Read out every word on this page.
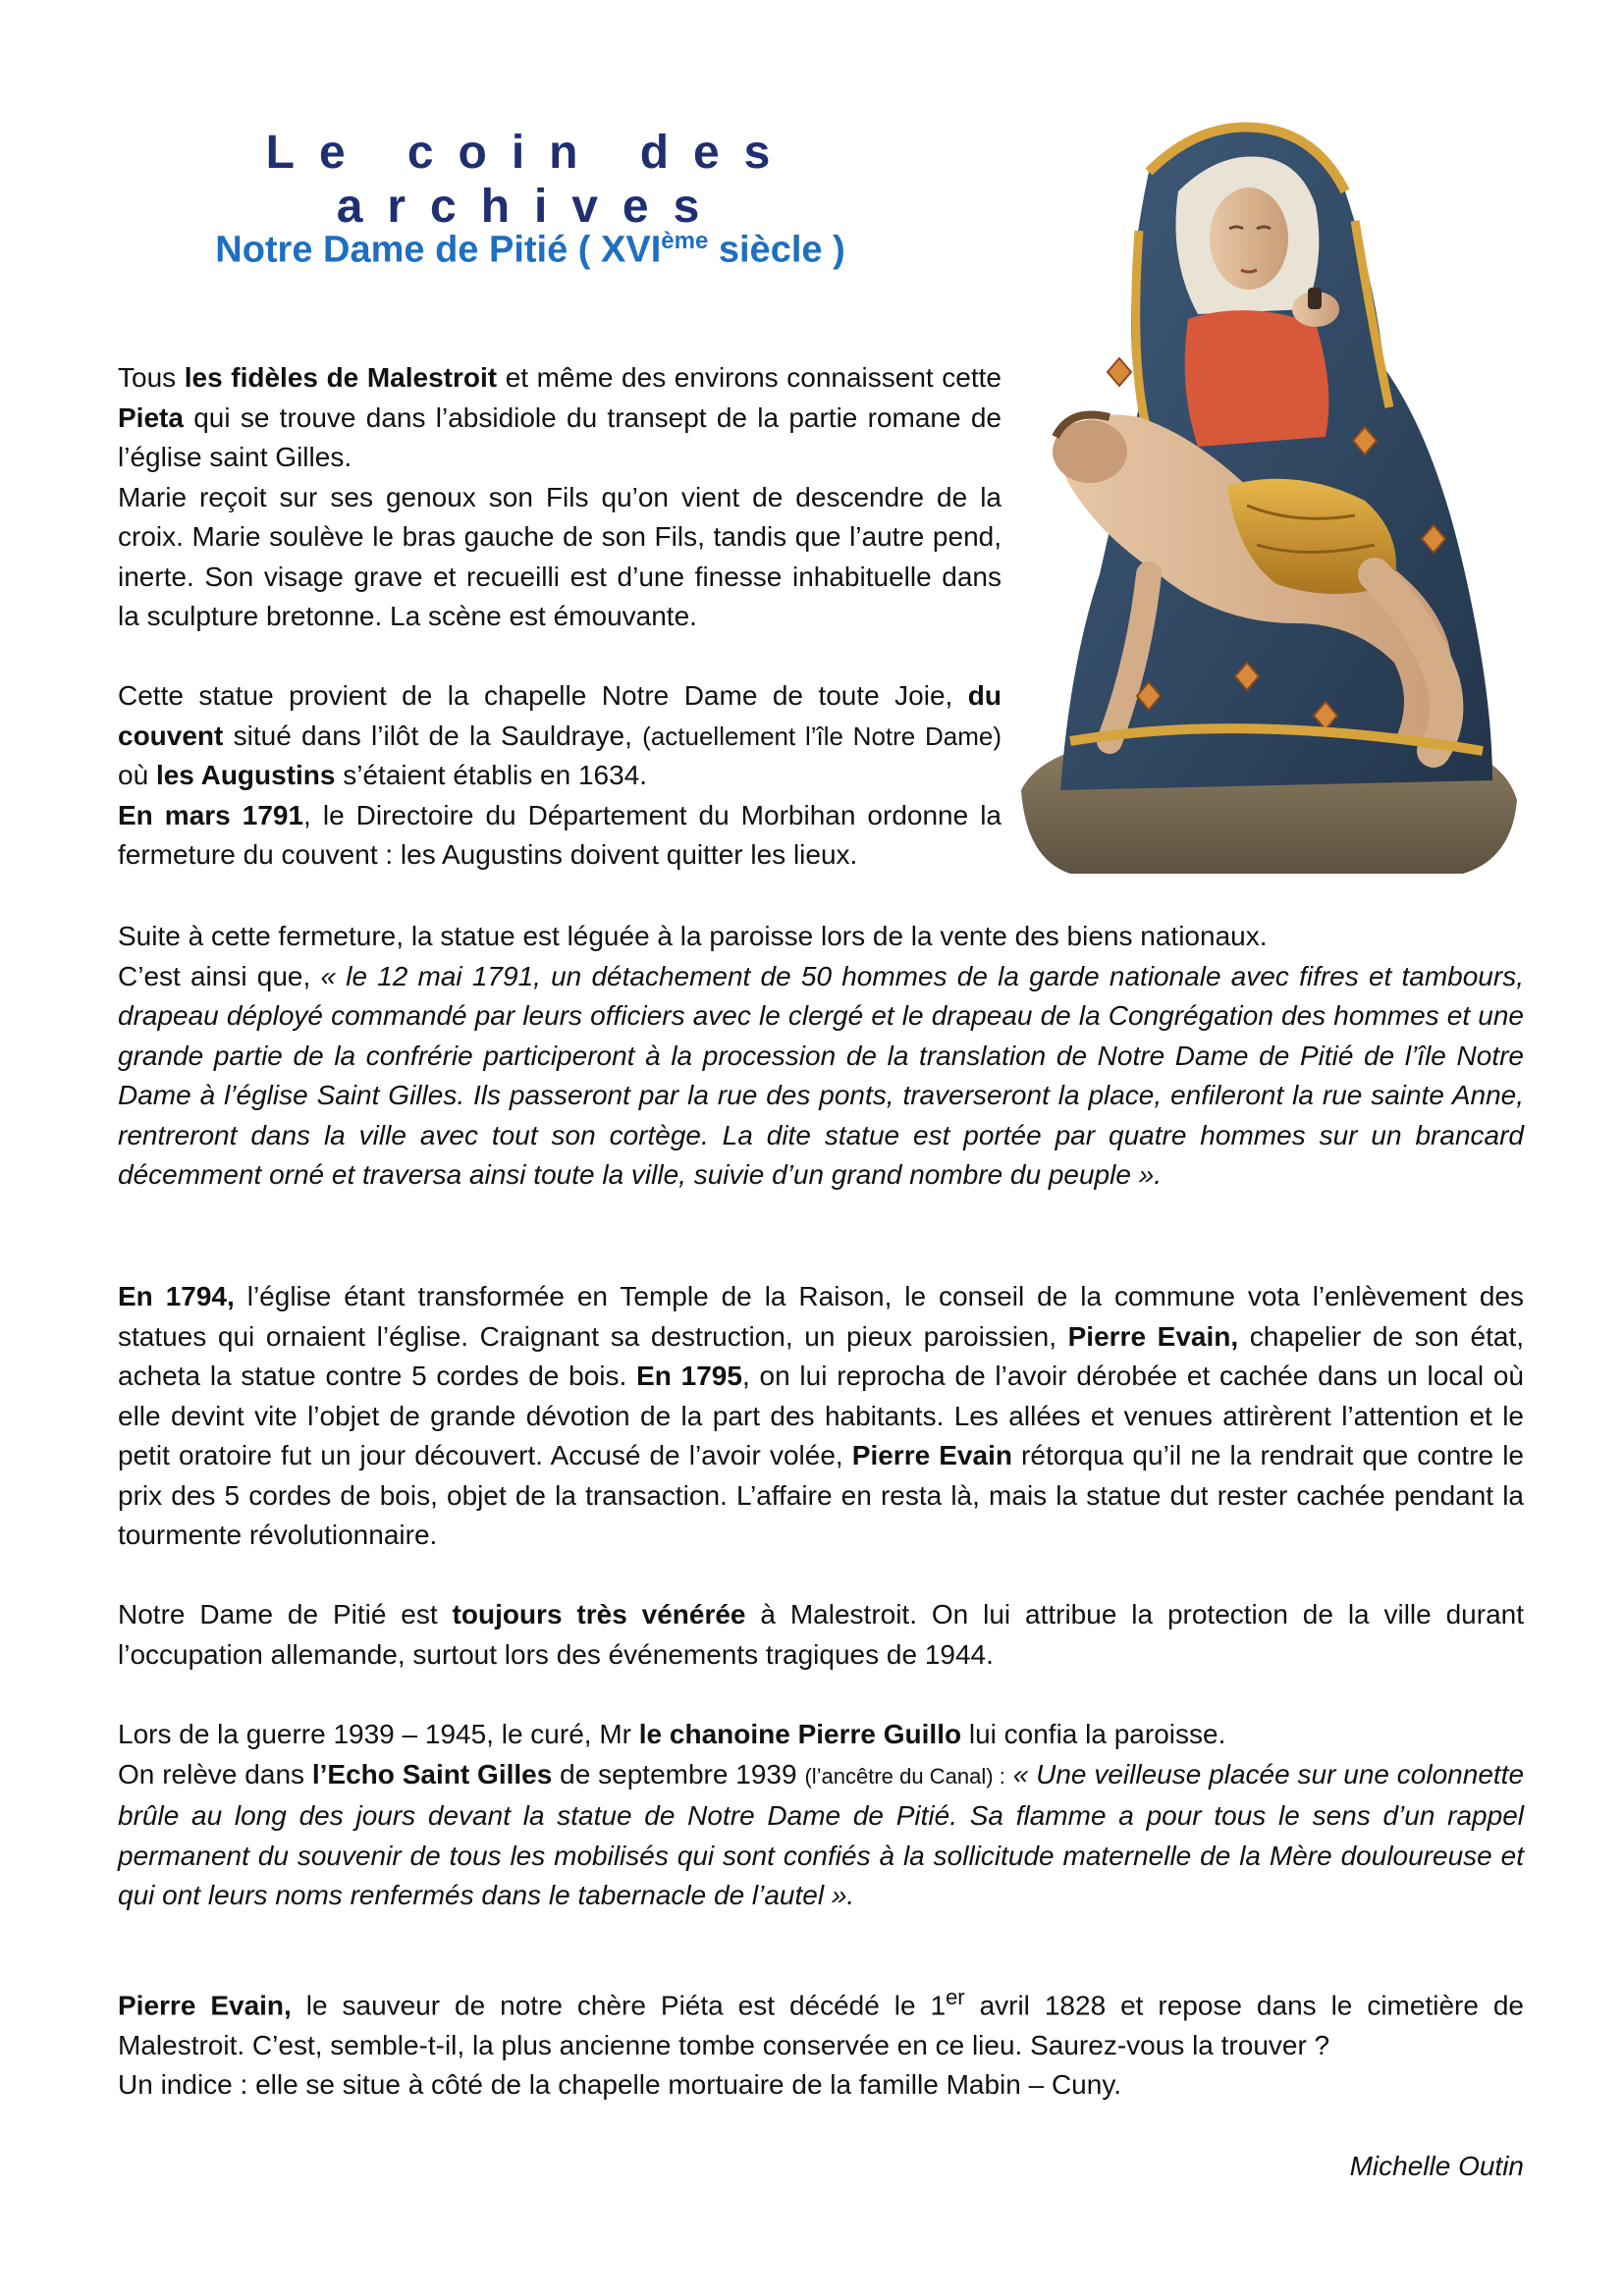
Le coin des archives
Notre Dame de Pitié ( XVIème siècle )

Tous les fidèles de Malestroit et même des environs connaissent cette Pieta qui se trouve dans l’absidiole du transept de la partie romane de l’église saint Gilles.

Marie reçoit sur ses genoux son Fils qu’on vient de descendre de la croix. Marie soulève le bras gauche de son Fils, tandis que l’autre pend, inerte. Son visage grave et recueilli est d’une finesse inhabituelle dans la sculpture bretonne. La scène est émouvante.

Cette statue provient de la chapelle Notre Dame de toute Joie, du couvent situé dans l’ilôt de la Sauldraye, (actuellement l’île Notre Dame) où les Augustins s’étaient établis en 1634.

En mars 1791, le Directoire du Département du Morbihan ordonne la fermeture du couvent : les Augustins doivent quitter les lieux.

Suite à cette fermeture, la statue est léguée à la paroisse lors de la vente des biens nationaux.

C’est ainsi que, « le 12 mai 1791, un détachement de 50 hommes de la garde nationale avec fifres et tambours, drapeau déployé commandé par leurs officiers avec le clergé et le drapeau de la Congrégation des hommes et une grande partie de la confrérie participeront à la procession de la translation de Notre Dame de Pitié de l’île Notre Dame à l’église Saint Gilles. Ils passeront par la rue des ponts, traverseront la place, enfileront la rue sainte Anne, rentreront dans la ville avec tout son cortège. La dite statue est portée par quatre hommes sur un brancard décemment orné et traversa ainsi toute la ville, suivie d’un grand nombre du peuple ».

En 1794, l’église étant transformée en Temple de la Raison, le conseil de la commune vota l’enlèvement des statues qui ornaient l’église. Craignant sa destruction, un pieux paroissien, Pierre Evain, chapelier de son état, acheta la statue contre 5 cordes de bois. En 1795, on lui reprocha de l’avoir dérobée et cachée dans un local où elle devint vite l’objet de grande dévotion de la part des habitants. Les allées et venues attirèrent l’attention et le petit oratoire fut un jour découvert. Accusé de l’avoir volée, Pierre Evain rétorqua qu’il ne la rendrait que contre le prix des 5 cordes de bois, objet de la transaction. L’affaire en resta là, mais la statue dut rester cachée pendant la tourmente révolutionnaire.

Notre Dame de Pitié est toujours très vénérée à Malestroit. On lui attribue la protection de la ville durant l’occupation allemande, surtout lors des événements tragiques de 1944.

Lors de la guerre 1939 – 1945, le curé, Mr le chanoine Pierre Guillo lui confia la paroisse.

On relève dans l’Echo Saint Gilles de septembre 1939 (l’ancêtre du Canal) : « Une veilleuse placée sur une colonnette brûle au long des jours devant la statue de Notre Dame de Pitié. Sa flamme a pour tous le sens d’un rappel permanent du souvenir de tous les mobilisés qui sont confiés à la sollicitude maternelle de la Mère douloureuse et qui ont leurs noms renfermés dans le tabernacle de l’autel ».

Pierre Evain, le sauveur de notre chère Piéta est décédé le 1er avril 1828 et repose dans le cimetière de Malestroit. C’est, semble-t-il, la plus ancienne tombe conservée en ce lieu. Saurez-vous la trouver ?

Un indice : elle se situe à côté de la chapelle mortuaire de la famille Mabin – Cuny.

Michelle Outin
